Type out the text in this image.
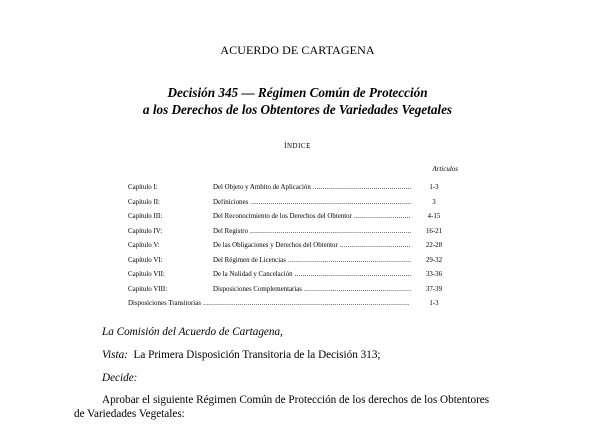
ACUERDO DE CARTAGENA
Decisión 345 — Régimen Común de Protección
a los Derechos de los Obtentores de Variedades Vegetales
ÍNDICE
Artículos
Capítulo I:	Del Objeto y Ambito de Aplicación .....	1-3
Capítulo II:	Definiciones .....	3
Capítulo III:	Del Reconocimiento de los Derechos del Obtentor .....	4-15
Capítulo IV:	Del Registro .....	16-21
Capítulo V:	De las Obligaciones y Derechos del Obtentor .....	22-28
Capítulo VI:	Del Régimen de Licencias .....	29-32
Capítulo VII:	De la Nulidad y Cancelación .....	33-36
Capítulo VIII:	Disposiciones Complementarias .....	37-39
Disposiciones Transitorias .....	1-3
La Comisión del Acuerdo de Cartagena,
Vista: La Primera Disposición Transitoria de la Decisión 313;
Decide:
Aprobar el siguiente Régimen Común de Protección de los derechos de los Obtentores
de Variedades Vegetales:
